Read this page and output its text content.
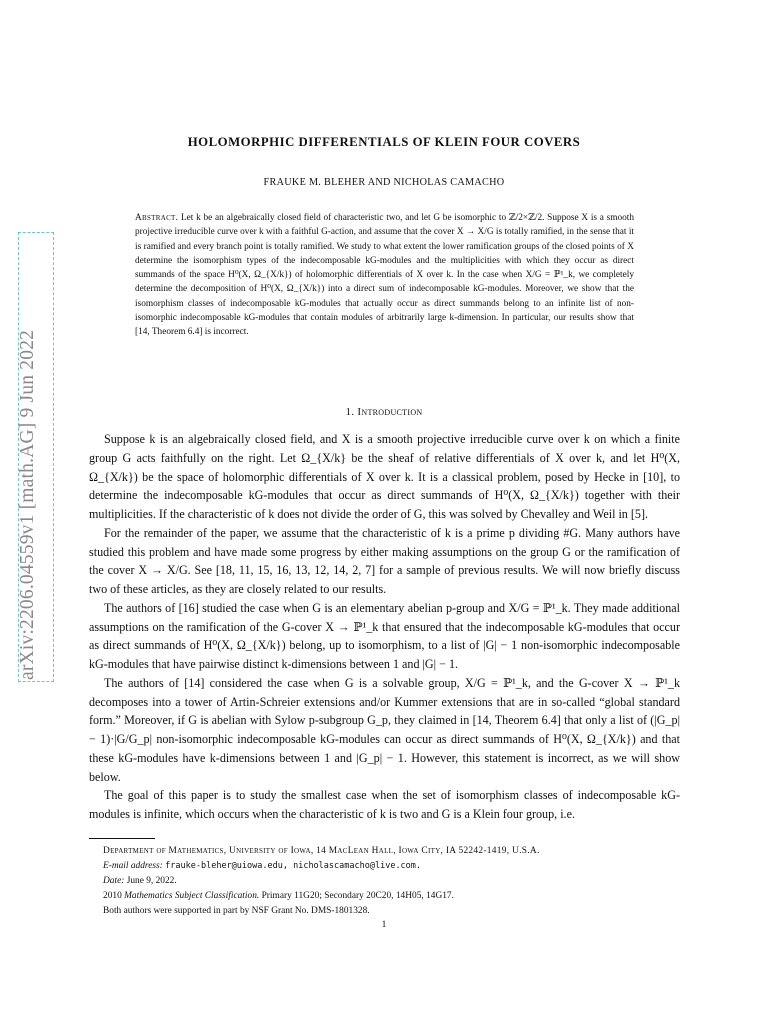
arXiv:2206.04559v1 [math.AG] 9 Jun 2022
HOLOMORPHIC DIFFERENTIALS OF KLEIN FOUR COVERS
FRAUKE M. BLEHER AND NICHOLAS CAMACHO
Abstract. Let k be an algebraically closed field of characteristic two, and let G be isomorphic to ℤ/2×ℤ/2. Suppose X is a smooth projective irreducible curve over k with a faithful G-action, and assume that the cover X → X/G is totally ramified, in the sense that it is ramified and every branch point is totally ramified. We study to what extent the lower ramification groups of the closed points of X determine the isomorphism types of the indecomposable kG-modules and the multiplicities with which they occur as direct summands of the space H⁰(X, Ω_{X/k}) of holomorphic differentials of X over k. In the case when X/G = ℙ¹_k, we completely determine the decomposition of H⁰(X, Ω_{X/k}) into a direct sum of indecomposable kG-modules. Moreover, we show that the isomorphism classes of indecomposable kG-modules that actually occur as direct summands belong to an infinite list of non-isomorphic indecomposable kG-modules that contain modules of arbitrarily large k-dimension. In particular, our results show that [14, Theorem 6.4] is incorrect.
1. Introduction

Suppose k is an algebraically closed field, and X is a smooth projective irreducible curve over k on which a finite group G acts faithfully on the right. Let Ω_{X/k} be the sheaf of relative differentials of X over k, and let H⁰(X, Ω_{X/k}) be the space of holomorphic differentials of X over k. It is a classical problem, posed by Hecke in [10], to determine the indecomposable kG-modules that occur as direct summands of H⁰(X, Ω_{X/k}) together with their multiplicities. If the characteristic of k does not divide the order of G, this was solved by Chevalley and Weil in [5].

For the remainder of the paper, we assume that the characteristic of k is a prime p dividing #G. Many authors have studied this problem and have made some progress by either making assumptions on the group G or the ramification of the cover X → X/G. See [18, 11, 15, 16, 13, 12, 14, 2, 7] for a sample of previous results. We will now briefly discuss two of these articles, as they are closely related to our results.

The authors of [16] studied the case when G is an elementary abelian p-group and X/G = ℙ¹_k. They made additional assumptions on the ramification of the G-cover X → ℙ¹_k that ensured that the indecomposable kG-modules that occur as direct summands of H⁰(X, Ω_{X/k}) belong, up to isomorphism, to a list of |G| − 1 non-isomorphic indecomposable kG-modules that have pairwise distinct k-dimensions between 1 and |G| − 1.

The authors of [14] considered the case when G is a solvable group, X/G = ℙ¹_k, and the G-cover X → ℙ¹_k decomposes into a tower of Artin-Schreier extensions and/or Kummer extensions that are in so-called “global standard form.” Moreover, if G is abelian with Sylow p-subgroup G_p, they claimed in [14, Theorem 6.4] that only a list of (|G_p| − 1)·|G/G_p| non-isomorphic indecomposable kG-modules can occur as direct summands of H⁰(X, Ω_{X/k}) and that these kG-modules have k-dimensions between 1 and |G_p| − 1. However, this statement is incorrect, as we will show below.

The goal of this paper is to study the smallest case when the set of isomorphism classes of indecomposable kG-modules is infinite, which occurs when the characteristic of k is two and G is a Klein four group, i.e.

Department of Mathematics, University of Iowa, 14 MacLean Hall, Iowa City, IA 52242-1419, U.S.A.
E-mail address: frauke-bleher@uiowa.edu, nicholascamacho@live.com.
Date: June 9, 2022.
2010 Mathematics Subject Classification. Primary 11G20; Secondary 20C20, 14H05, 14G17.
Both authors were supported in part by NSF Grant No. DMS-1801328.
1
